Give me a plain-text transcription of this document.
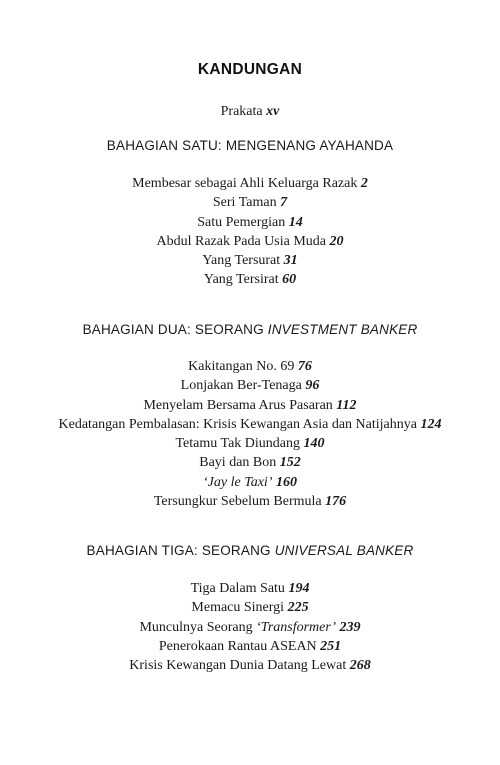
KANDUNGAN
Prakata xv
BAHAGIAN SATU: MENGENANG AYAHANDA
Membesar sebagai Ahli Keluarga Razak 2
Seri Taman 7
Satu Pemergian 14
Abdul Razak Pada Usia Muda 20
Yang Tersurat 31
Yang Tersirat 60
BAHAGIAN DUA: SEORANG INVESTMENT BANKER
Kakitangan No. 69 76
Lonjakan Ber-Tenaga 96
Menyelam Bersama Arus Pasaran 112
Kedatangan Pembalasan: Krisis Kewangan Asia dan Natijahnya 124
Tetamu Tak Diundang 140
Bayi dan Bon 152
‘Jay le Taxi’ 160
Tersungkur Sebelum Bermula 176
BAHAGIAN TIGA: SEORANG UNIVERSAL BANKER
Tiga Dalam Satu 194
Memacu Sinergi 225
Munculnya Seorang ‘Transformer’ 239
Penerokaan Rantau ASEAN 251
Krisis Kewangan Dunia Datang Lewat 268
